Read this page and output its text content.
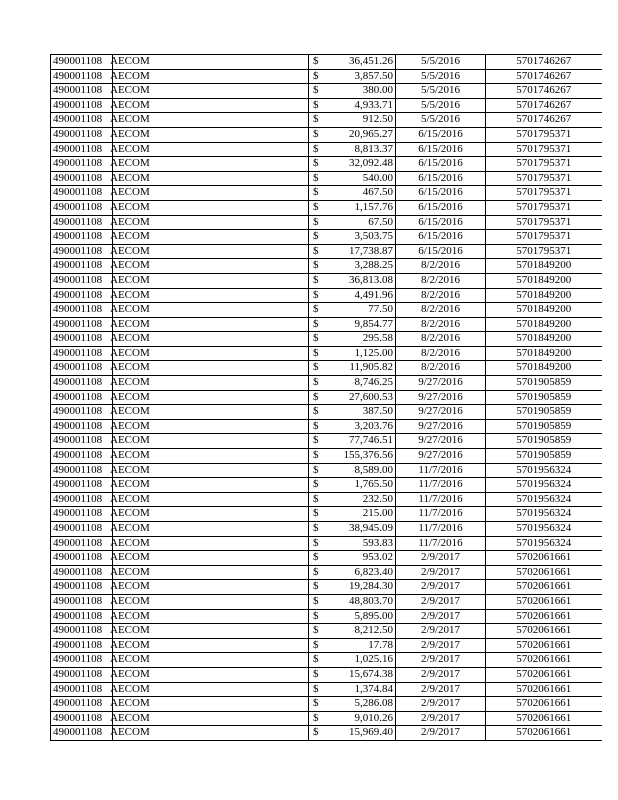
490001108	AECOM	$	36,451.26	5/5/2016	5701746267
490001108	AECOM	$	3,857.50	5/5/2016	5701746267
490001108	AECOM	$	380.00	5/5/2016	5701746267
490001108	AECOM	$	4,933.71	5/5/2016	5701746267
490001108	AECOM	$	912.50	5/5/2016	5701746267
490001108	AECOM	$	20,965.27	6/15/2016	5701795371
490001108	AECOM	$	8,813.37	6/15/2016	5701795371
490001108	AECOM	$	32,092.48	6/15/2016	5701795371
490001108	AECOM	$	540.00	6/15/2016	5701795371
490001108	AECOM	$	467.50	6/15/2016	5701795371
490001108	AECOM	$	1,157.76	6/15/2016	5701795371
490001108	AECOM	$	67.50	6/15/2016	5701795371
490001108	AECOM	$	3,503.75	6/15/2016	5701795371
490001108	AECOM	$	17,738.87	6/15/2016	5701795371
490001108	AECOM	$	3,288.25	8/2/2016	5701849200
490001108	AECOM	$	36,813.08	8/2/2016	5701849200
490001108	AECOM	$	4,491.96	8/2/2016	5701849200
490001108	AECOM	$	77.50	8/2/2016	5701849200
490001108	AECOM	$	9,854.77	8/2/2016	5701849200
490001108	AECOM	$	295.58	8/2/2016	5701849200
490001108	AECOM	$	1,125.00	8/2/2016	5701849200
490001108	AECOM	$	11,905.82	8/2/2016	5701849200
490001108	AECOM	$	8,746.25	9/27/2016	5701905859
490001108	AECOM	$	27,600.53	9/27/2016	5701905859
490001108	AECOM	$	387.50	9/27/2016	5701905859
490001108	AECOM	$	3,203.76	9/27/2016	5701905859
490001108	AECOM	$	77,746.51	9/27/2016	5701905859
490001108	AECOM	$	155,376.56	9/27/2016	5701905859
490001108	AECOM	$	8,589.00	11/7/2016	5701956324
490001108	AECOM	$	1,765.50	11/7/2016	5701956324
490001108	AECOM	$	232.50	11/7/2016	5701956324
490001108	AECOM	$	215.00	11/7/2016	5701956324
490001108	AECOM	$	38,945.09	11/7/2016	5701956324
490001108	AECOM	$	593.83	11/7/2016	5701956324
490001108	AECOM	$	953.02	2/9/2017	5702061661
490001108	AECOM	$	6,823.40	2/9/2017	5702061661
490001108	AECOM	$	19,284.30	2/9/2017	5702061661
490001108	AECOM	$	48,803.70	2/9/2017	5702061661
490001108	AECOM	$	5,895.00	2/9/2017	5702061661
490001108	AECOM	$	8,212.50	2/9/2017	5702061661
490001108	AECOM	$	17.78	2/9/2017	5702061661
490001108	AECOM	$	1,025.16	2/9/2017	5702061661
490001108	AECOM	$	15,674.38	2/9/2017	5702061661
490001108	AECOM	$	1,374.84	2/9/2017	5702061661
490001108	AECOM	$	5,286.08	2/9/2017	5702061661
490001108	AECOM	$	9,010.26	2/9/2017	5702061661
490001108	AECOM	$	15,969.40	2/9/2017	5702061661
